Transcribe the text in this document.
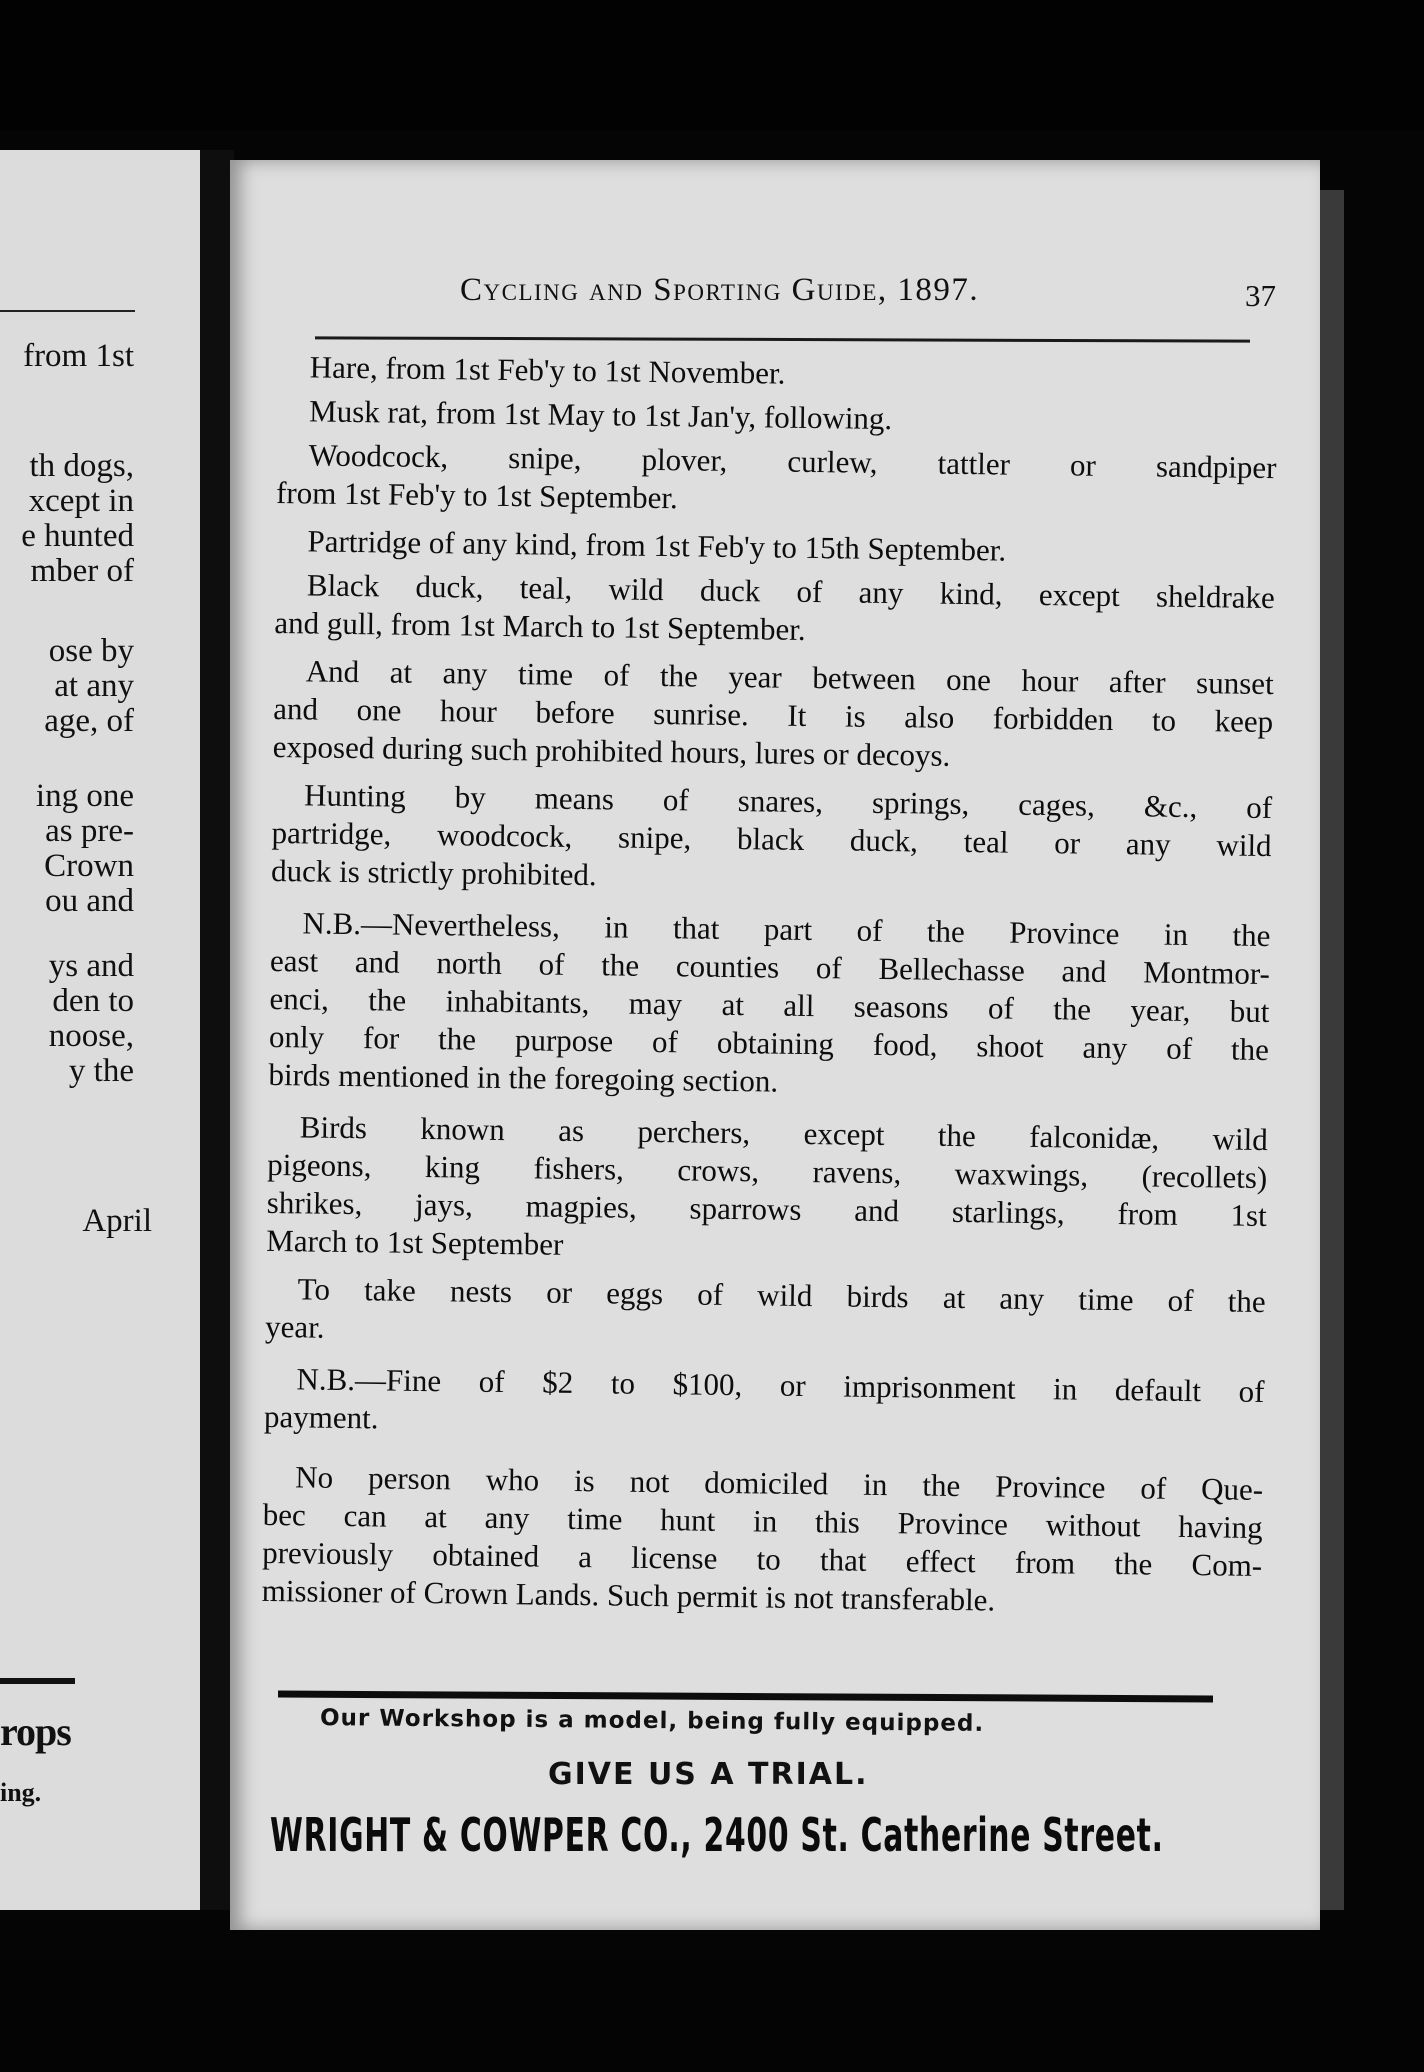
from 1st
th dogs,
xcept in
e hunted
mber of
ose by
at any
age, of
ing one
as pre-
Crown
ou and
ys and
den to
noose,
y the
April
rops
ing.
Cycling and Sporting Guide, 1897.	37
Hare, from 1st Feb'y to 1st November.
Musk rat, from 1st May to 1st Jan'y, following.
Woodcock, snipe, plover, curlew, tattler or sandpiper
from 1st Feb'y to 1st September.
Partridge of any kind, from 1st Feb'y to 15th September.
Black duck, teal, wild duck of any kind, except sheldrake
and gull, from 1st March to 1st September.
And at any time of the year between one hour after sunset
and one hour before sunrise. It is also forbidden to keep
exposed during such prohibited hours, lures or decoys.
Hunting by means of snares, springs, cages, &c., of
partridge, woodcock, snipe, black duck, teal or any wild
duck is strictly prohibited.
N.B.—Nevertheless, in that part of the Province in the
east and north of the counties of Bellechasse and Montmor-
enci, the inhabitants, may at all seasons of the year, but
only for the purpose of obtaining food, shoot any of the
birds mentioned in the foregoing section.
Birds known as perchers, except the falconidæ, wild
pigeons, king fishers, crows, ravens, waxwings, (recollets)
shrikes, jays, magpies, sparrows and starlings, from 1st
March to 1st September
To take nests or eggs of wild birds at any time of the
year.
N.B.—Fine of $2 to $100, or imprisonment in default of
payment.
No person who is not domiciled in the Province of Que-
bec can at any time hunt in this Province without having
previously obtained a license to that effect from the Com-
missioner of Crown Lands. Such permit is not transferable.
Our Workshop is a model, being fully equipped.
GIVE US A TRIAL.
WRIGHT & COWPER CO., 2400 St. Catherine Street.
